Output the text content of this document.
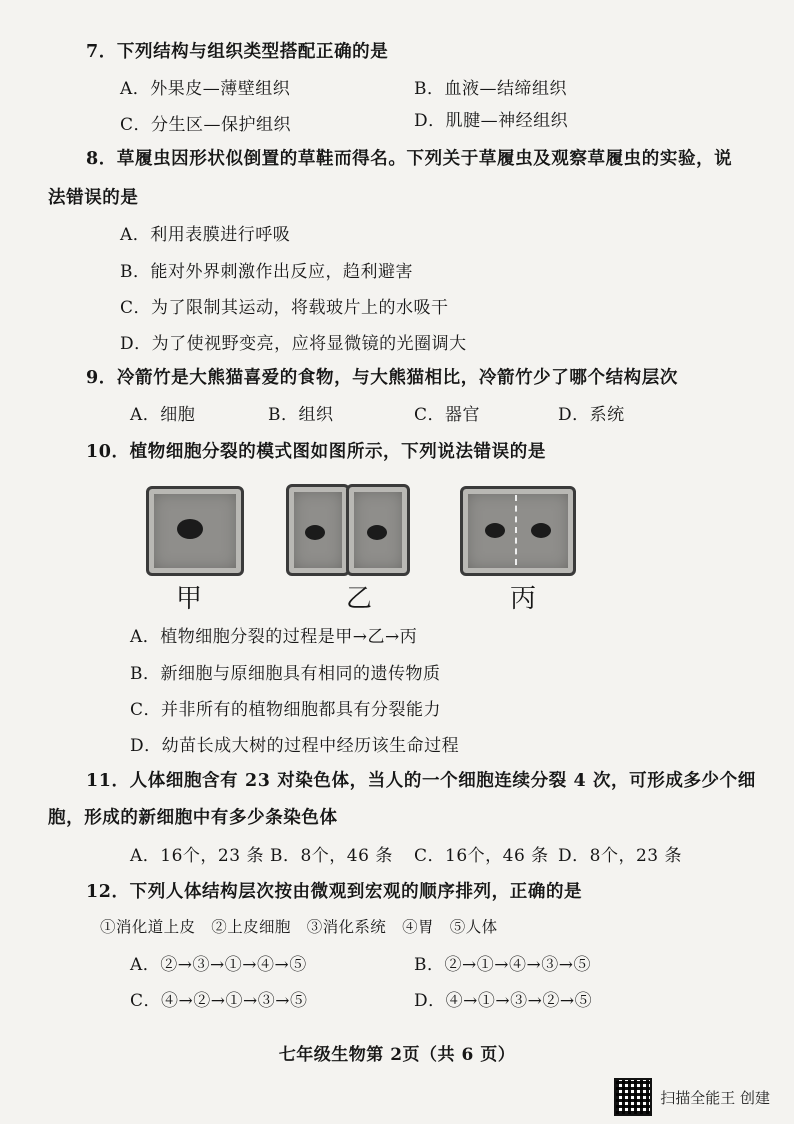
7．下列结构与组织类型搭配正确的是
A．外果皮—薄壁组织	B．血液—结缔组织
C．分生区—保护组织	D．肌腱—神经组织
8．草履虫因形状似倒置的草鞋而得名。下列关于草履虫及观察草履虫的实验，说
法错误的是
A．利用表膜进行呼吸
B．能对外界刺激作出反应，趋利避害
C．为了限制其运动，将载玻片上的水吸干
D．为了使视野变亮，应将显微镜的光圈调大
9．冷箭竹是大熊猫喜爱的食物，与大熊猫相比，冷箭竹少了哪个结构层次
A．细胞	B．组织	C．器官	D．系统
10．植物细胞分裂的模式图如图所示，下列说法错误的是
甲	乙	丙
A．植物细胞分裂的过程是甲→乙→丙
B．新细胞与原细胞具有相同的遗传物质
C．并非所有的植物细胞都具有分裂能力
D．幼苗长成大树的过程中经历该生命过程
11．人体细胞含有 23 对染色体，当人的一个细胞连续分裂 4 次，可形成多少个细
胞，形成的新细胞中有多少条染色体
A．16个，23 条 B．8个，46 条 C．16个，46 条 D．8个，23 条
12．下列人体结构层次按由微观到宏观的顺序排列，正确的是
①消化道上皮　②上皮细胞　③消化系统　④胃　⑤人体
A．②→③→①→④→⑤	B．②→①→④→③→⑤
C．④→②→①→③→⑤	D．④→①→③→②→⑤
七年级生物第 2页（共 6 页）
扫描全能王 创建
